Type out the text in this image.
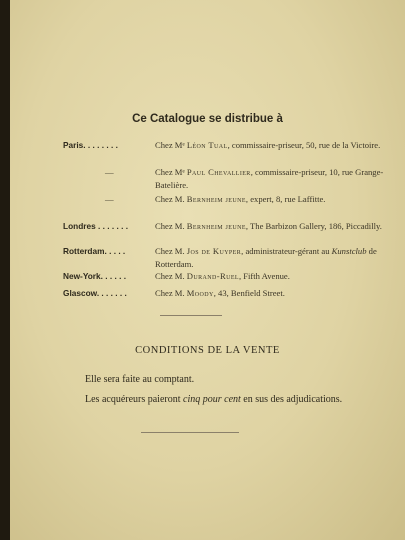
Ce Catalogue se distribue à
Paris. . . . . . . .	Chez Mᵉ Léon Tual, commissaire-priseur, 50, rue de la Victoire.
—	Chez Mᵉ Paul Chevallier, commissaire-priseur, 10, rue Grange-Batelière.
—	Chez M. Bernheim jeune, expert, 8, rue Laffitte.
Londres . . . . . . .	Chez M. Bernheim jeune, The Barbizon Gallery, 186, Piccadilly.
Rotterdam. . . . .	Chez M. Jos de Kuyper, administrateur-gérant au Kunstclub de Rotterdam.
New-York. . . . . .	Chez M. Durand-Ruel, Fifth Avenue.
Glascow. . . . . . .	Chez M. Moody, 43, Benfield Street.
CONDITIONS DE LA VENTE
Elle sera faite au comptant.
Les acquéreurs paieront cinq pour cent en sus des adjudications.
